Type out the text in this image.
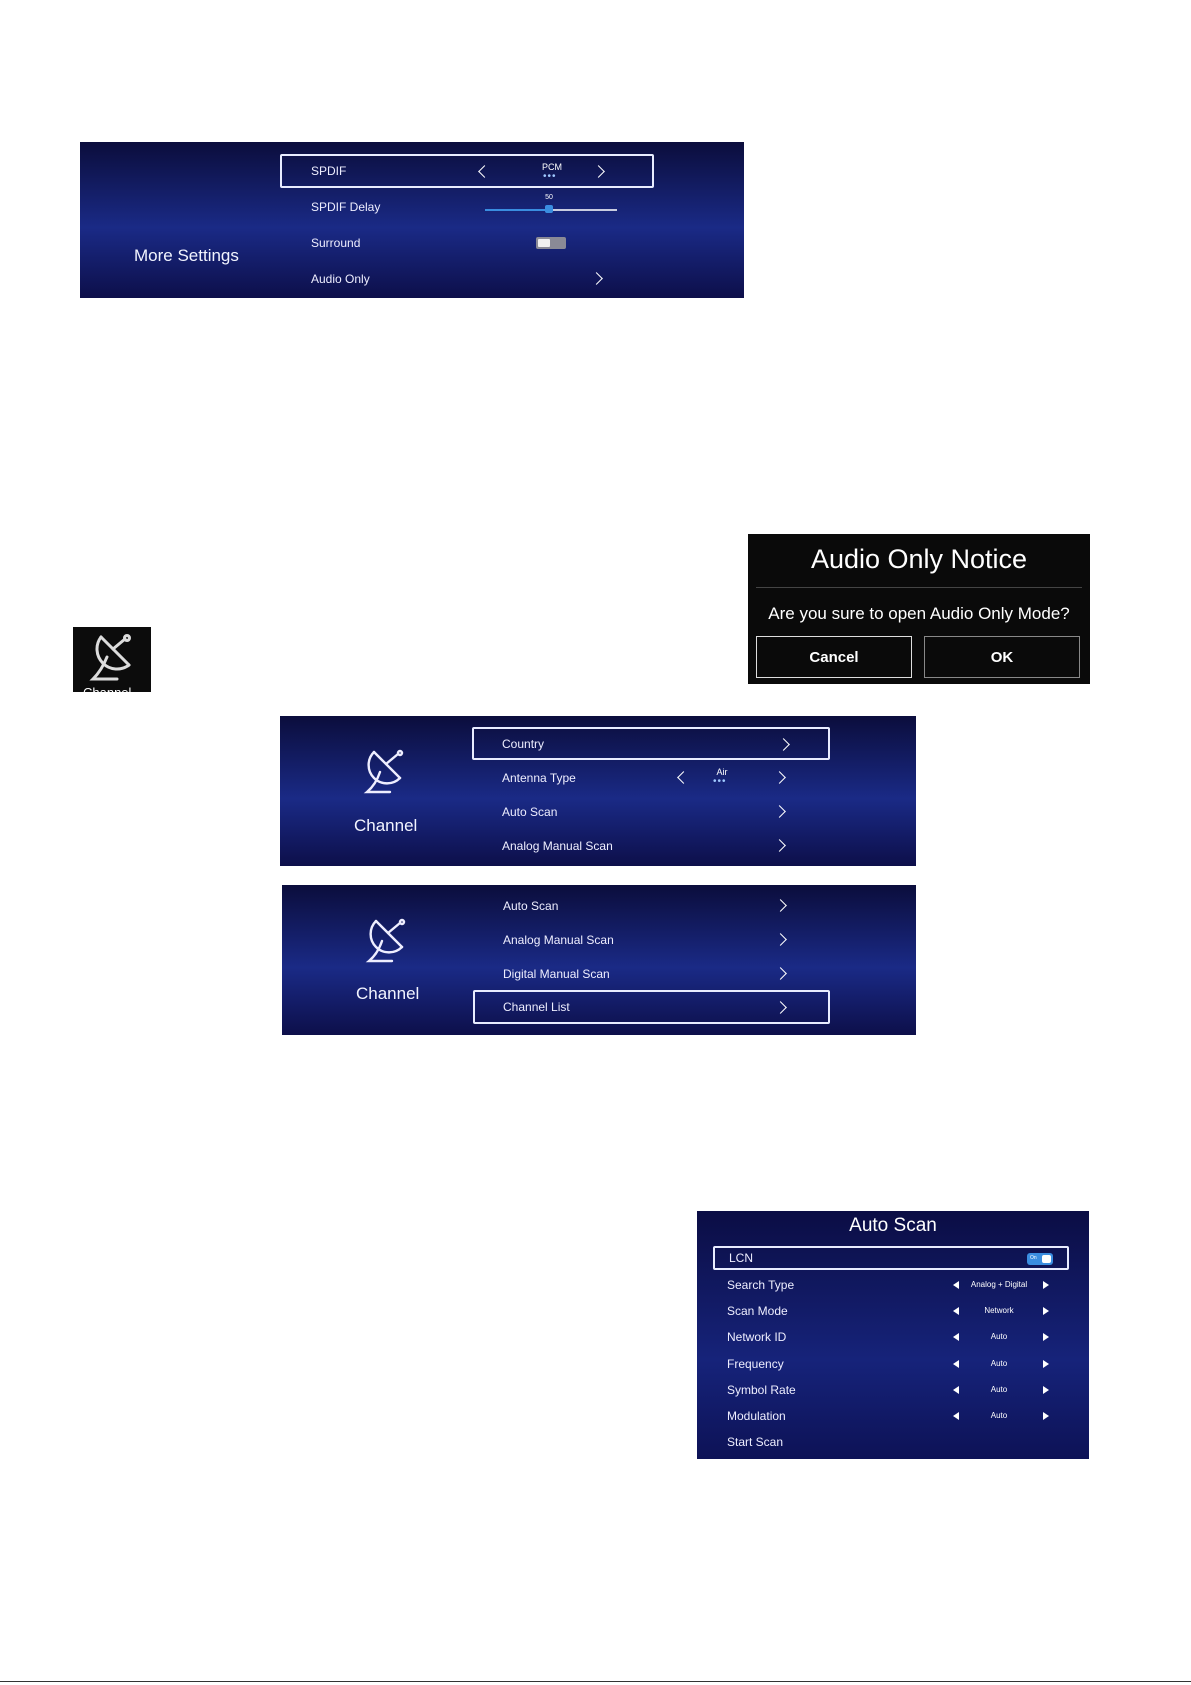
More Settings
SPDIF	PCM
•••
SPDIF Delay
50
Surround
Audio Only
Audio Only Notice
Are you sure to open Audio Only Mode?
Cancel	OK
Channel
Channel
Country
Antenna Type	Air
•••
Auto Scan
Analog Manual Scan
Channel
Auto Scan
Analog Manual Scan
Digital Manual Scan
Channel List
Auto Scan
LCN	On
Search Type	Analog + Digital
Scan Mode	Network
Network ID	Auto
Frequency	Auto
Symbol Rate	Auto
Modulation	Auto
Start Scan
